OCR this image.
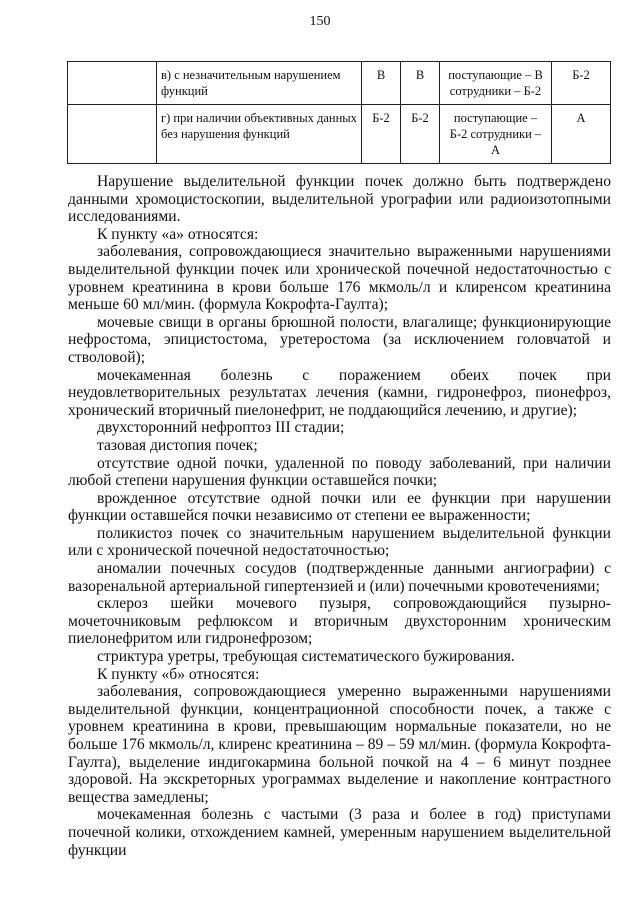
150
	в) с незначительным нарушением функций	В	В	поступающие – В сотрудники – Б-2	Б-2
	г) при наличии объективных данных без нарушения функций	Б-2	Б-2	поступающие – Б-2 сотрудники – А	А

Нарушение выделительной функции почек должно быть подтверждено данными хромоцистоскопии, выделительной урографии или радиоизотопными исследованиями.

К пункту «а» относятся:

заболевания, сопровождающиеся значительно выраженными нарушениями выделительной функции почек или хронической почечной недостаточностью с уровнем креатинина в крови больше 176 мкмоль/л и клиренсом креатинина меньше 60 мл/мин. (формула Кокрофта-Гаулта);

мочевые свищи в органы брюшной полости, влагалище; функционирующие нефростома, эпицистостома, уретеростома (за исключением головчатой и стволовой);

мочекаменная болезнь с поражением обеих почек при неудовлетворительных результатах лечения (камни, гидронефроз, пионефроз, хронический вторичный пиелонефрит, не поддающийся лечению, и другие);

двухсторонний нефроптоз III стадии;

тазовая дистопия почек;

отсутствие одной почки, удаленной по поводу заболеваний, при наличии любой степени нарушения функции оставшейся почки;

врожденное отсутствие одной почки или ее функции при нарушении функции оставшейся почки независимо от степени ее выраженности;

поликистоз почек со значительным нарушением выделительной функции или с хронической почечной недостаточностью;

аномалии почечных сосудов (подтвержденные данными ангиографии) с вазоренальной артериальной гипертензией и (или) почечными кровотечениями;

склероз шейки мочевого пузыря, сопровождающийся пузырно-мочеточниковым рефлюксом и вторичным двухсторонним хроническим пиелонефритом или гидронефрозом;

стриктура уретры, требующая систематического бужирования.

К пункту «б» относятся:

заболевания, сопровождающиеся умеренно выраженными нарушениями выделительной функции, концентрационной способности почек, а также с уровнем креатинина в крови, превышающим нормальные показатели, но не больше 176 мкмоль/л, клиренс креатинина – 89 – 59 мл/мин. (формула Кокрофта-Гаулта), выделение индигокармина больной почкой на 4 – 6 минут позднее здоровой. На экскреторных урограммах выделение и накопление контрастного вещества замедлены;

мочекаменная болезнь с частыми (3 раза и более в год) приступами почечной колики, отхождением камней, умеренным нарушением выделительной функции
